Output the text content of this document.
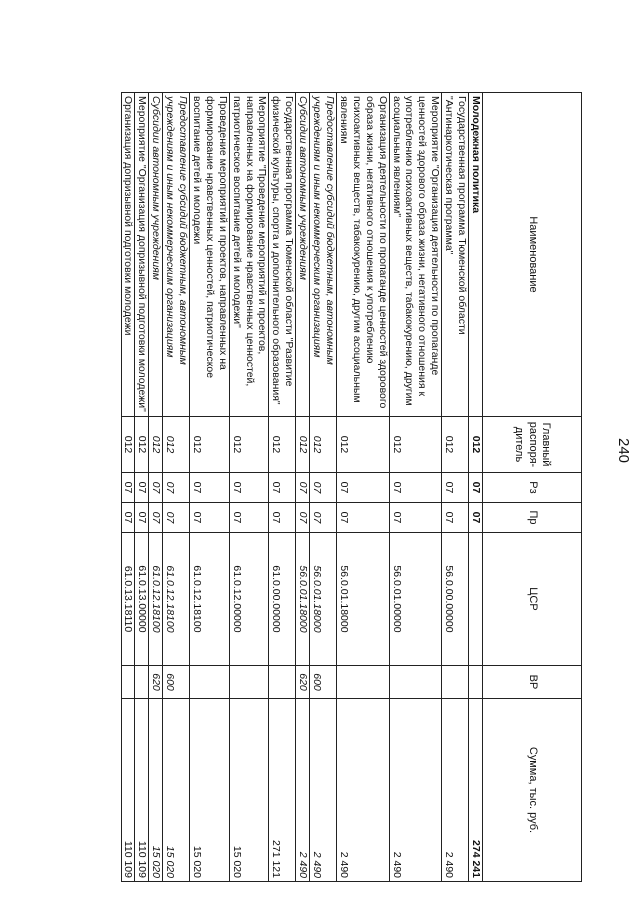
240
Наименование	Главный распоря-дитель	Рз	Пр	ЦСР	ВР	Сумма, тыс. руб.
Молодежная политика	012	07	07			274 241
Государственная программа Тюменской области "Антинаркотическая программа"	012	07	07	56.0.00.00000		2 490
Мероприятие "Организация деятельности по пропаганде ценностей здорового образа жизни, негативного отношения к употреблению психоактивных веществ, табакокурению, другим асоциальным явлениям"	012	07	07	56.0.01.00000		2 490
Организация деятельности по пропаганде ценностей здорового образа жизни, негативного отношения к употреблению психоактивных веществ, табакокурению, другим асоциальным явлениям	012	07	07	56.0.01.18000		2 490
Предоставление субсидий бюджетным, автономным учреждениям и иным некоммерческим организациям	012	07	07	56.0.01.18000	600	2 490
Субсидии автономным учреждениям	012	07	07	56.0.01.18000	620	2 490
Государственная программа Тюменской области "Развитие физической культуры, спорта и дополнительного образования"	012	07	07	61.0.00.00000		271 121
Мероприятие "Проведение мероприятий и проектов, направленных на формирование нравственных ценностей, патриотическое воспитание детей и молодежи"	012	07	07	61.0.12.00000		15 020
Проведение мероприятий и проектов, направленных на формирование нравственных ценностей, патриотическое воспитание детей и молодежи	012	07	07	61.0.12.18100		15 020
Предоставление субсидий бюджетным, автономным учреждениям и иным некоммерческим организациям	012	07	07	61.0.12.18100	600	15 020
Субсидии автономным учреждениям	012	07	07	61.0.12.18100	620	15 020
Мероприятие "Организация допризывной подготовки молодежи"	012	07	07	61.0.13.00000		110 109
Организация допризывной подготовки молодежи	012	07	07	61.0.13.18110		110 109
